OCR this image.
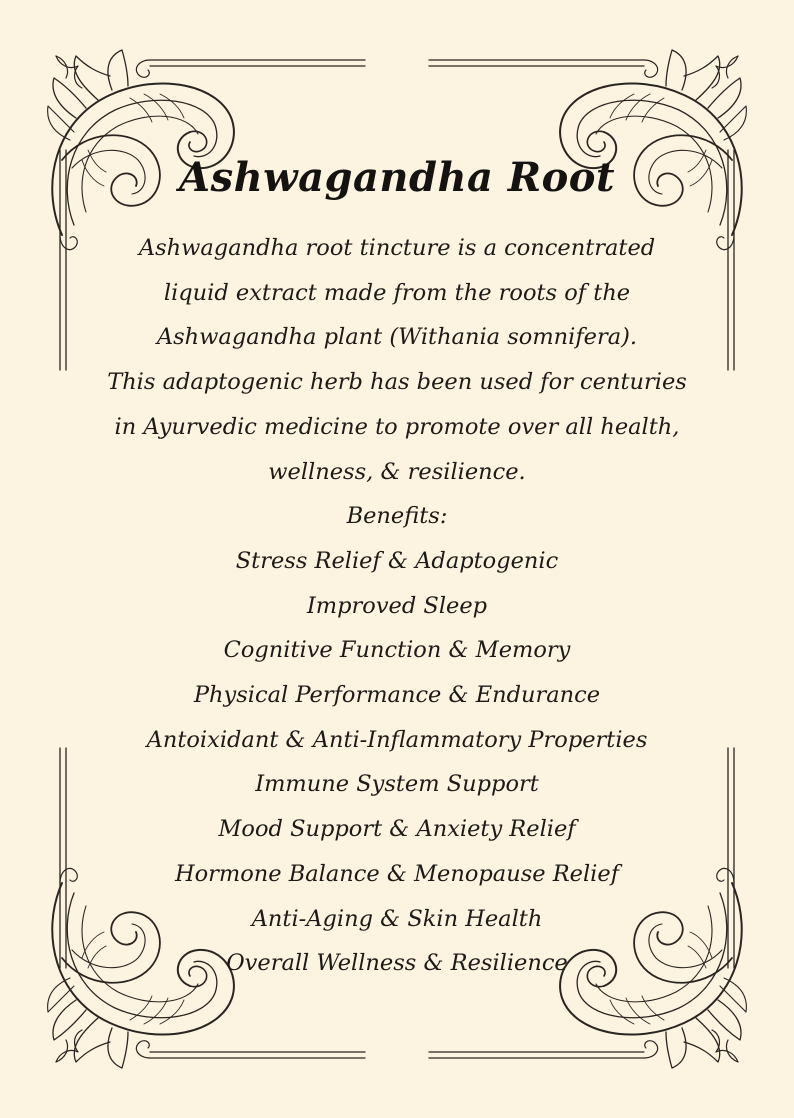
Ashwagandha Root

Ashwagandha root tincture is a concentrated
liquid extract made from the roots of the
Ashwagandha plant (Withania somnifera).
This adaptogenic herb has been used for centuries
in Ayurvedic medicine to promote over all health,
wellness, & resilience.

Benefits:

Stress Relief & Adaptogenic
Improved Sleep
Cognitive Function & Memory
Physical Performance & Endurance
Antoixidant & Anti-Inflammatory Properties
Immune System Support
Mood Support & Anxiety Relief
Hormone Balance & Menopause Relief
Anti-Aging & Skin Health
Overall Wellness & Resilience
